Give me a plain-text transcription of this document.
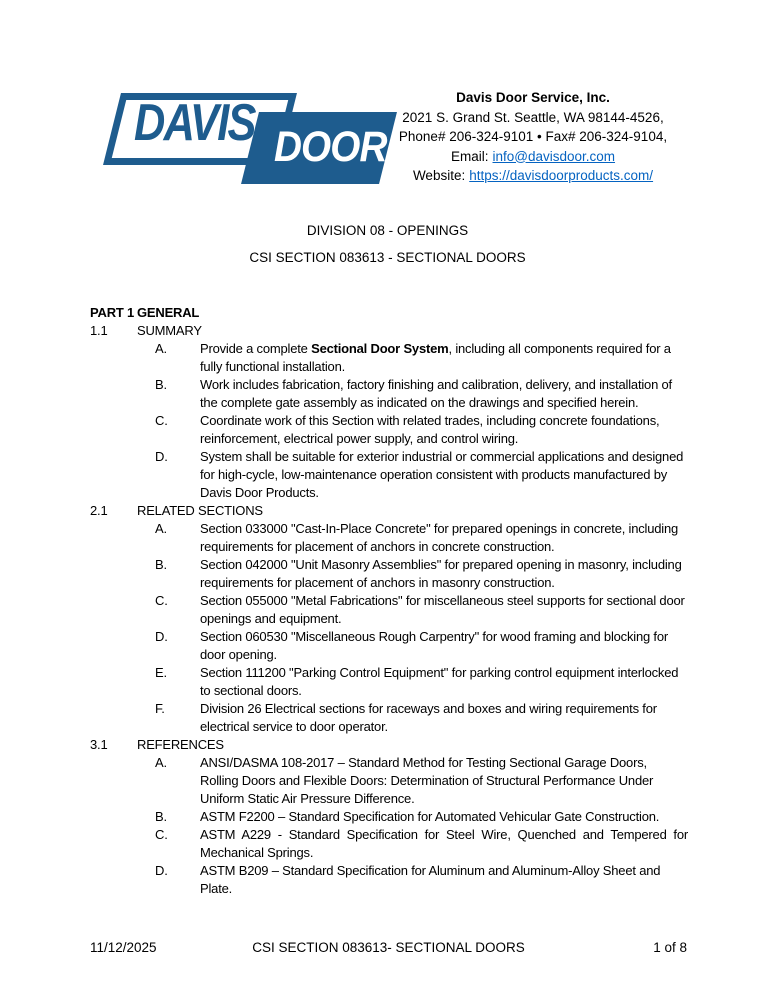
DAVIS DOOR
Davis Door Service, Inc.
2021 S. Grand St. Seattle, WA 98144-4526,
Phone# 206-324-9101 • Fax# 206-324-9104,
Email: info@davisdoor.com
Website: https://davisdoorproducts.com/
DIVISION 08 - OPENINGS
CSI SECTION 083613 - SECTIONAL DOORS
PART 1 GENERAL
1.1 SUMMARY
A.	Provide a complete Sectional Door System, including all components required for a fully functional installation.
B.	Work includes fabrication, factory finishing and calibration, delivery, and installation of the complete gate assembly as indicated on the drawings and specified herein.
C. Coordinate work of this Section with related trades, including concrete foundations, reinforcement, electrical power supply, and control wiring.
D. System shall be suitable for exterior industrial or commercial applications and designed for high-cycle, low-maintenance operation consistent with products manufactured by Davis Door Products.
2.1 RELATED SECTIONS
A.	Section 033000 "Cast-In-Place Concrete" for prepared openings in concrete, including requirements for placement of anchors in concrete construction.
B.	Section 042000 "Unit Masonry Assemblies" for prepared opening in masonry, including requirements for placement of anchors in masonry construction.
C. Section 055000 "Metal Fabrications" for miscellaneous steel supports for sectional door openings and equipment.
D. Section 060530 "Miscellaneous Rough Carpentry" for wood framing and blocking for door opening.
E.	Section 111200 "Parking Control Equipment" for parking control equipment interlocked to sectional doors.
F.	Division 26 Electrical sections for raceways and boxes and wiring requirements for electrical service to door operator.
3.1 REFERENCES
A.	ANSI/DASMA 108-2017 – Standard Method for Testing Sectional Garage Doors, Rolling Doors and Flexible Doors: Determination of Structural Performance Under Uniform Static Air Pressure Difference.
B.	ASTM F2200 – Standard Specification for Automated Vehicular Gate Construction.
C. ASTM A229 - Standard Specification for Steel Wire, Quenched and Tempered for Mechanical Springs.
D. ASTM B209 – Standard Specification for Aluminum and Aluminum-Alloy Sheet and Plate.
11/12/2025	CSI SECTION 083613- SECTIONAL DOORS	1 of 8
